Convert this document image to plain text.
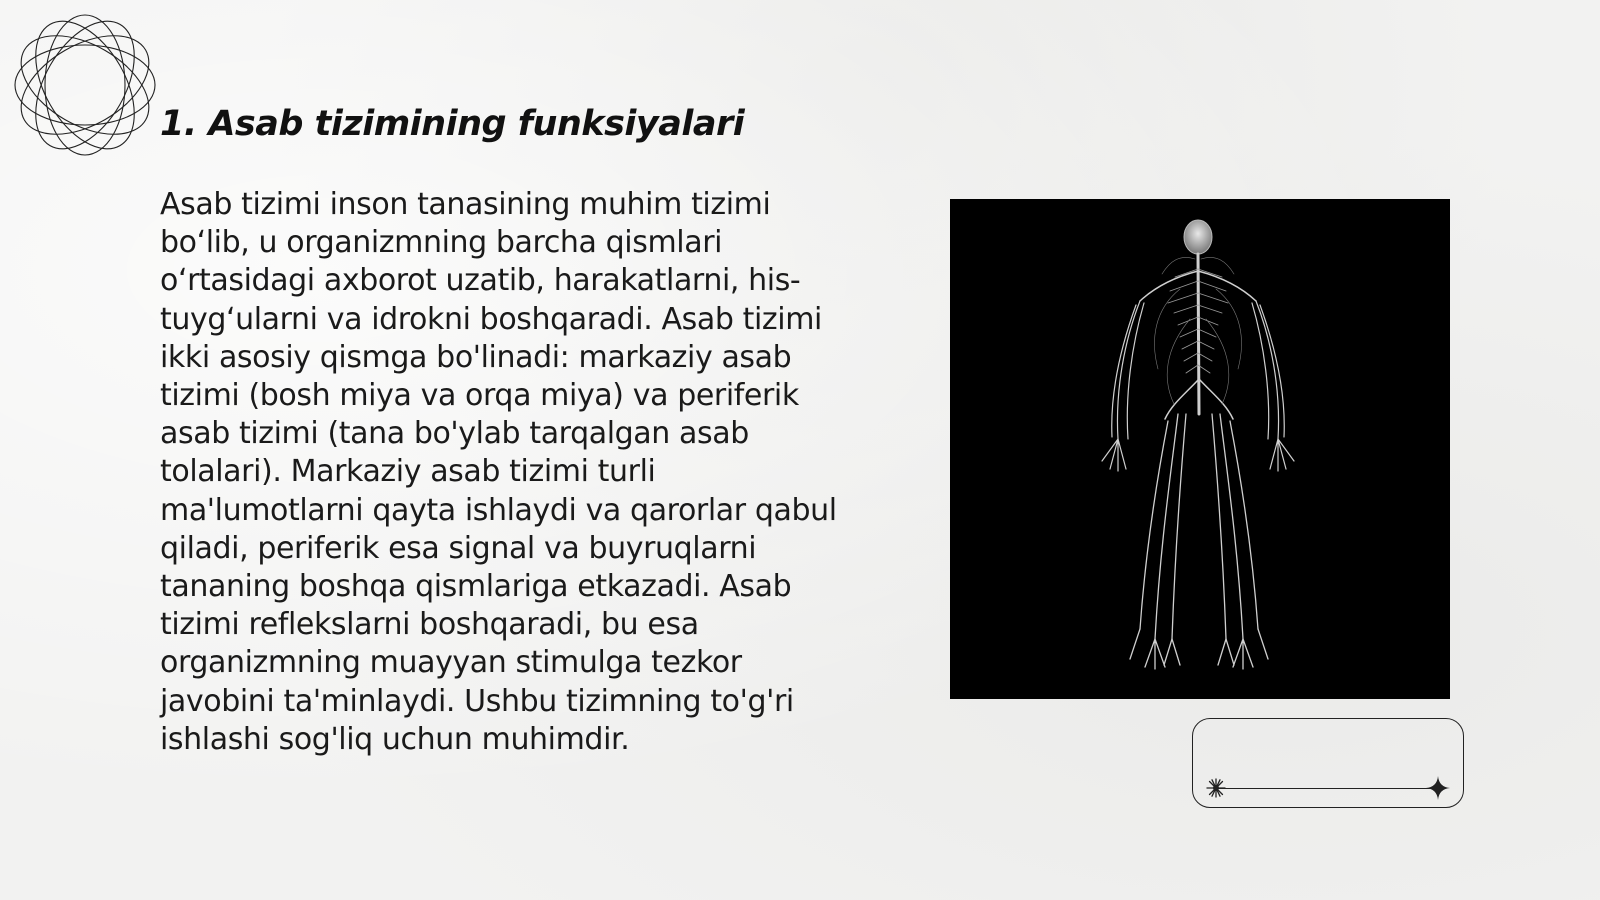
1. Asab tizimining funksiyalari

Asab tizimi inson tanasining muhim tizimi bo‘lib, u organizmning barcha qismlari o‘rtasidagi axborot uzatib, harakatlarni, his-tuyg‘ularni va idrokni boshqaradi. Asab tizimi ikki asosiy qismga bo'linadi: markaziy asab tizimi (bosh miya va orqa miya) va periferik asab tizimi (tana bo'ylab tarqalgan asab tolalari). Markaziy asab tizimi turli ma'lumotlarni qayta ishlaydi va qarorlar qabul qiladi, periferik esa signal va buyruqlarni tananing boshqa qismlariga etkazadi. Asab tizimi reflekslarni boshqaradi, bu esa organizmning muayyan stimulga tezkor javobini ta'minlaydi. Ushbu tizimning to'g'ri ishlashi sog'liq uchun muhimdir.
